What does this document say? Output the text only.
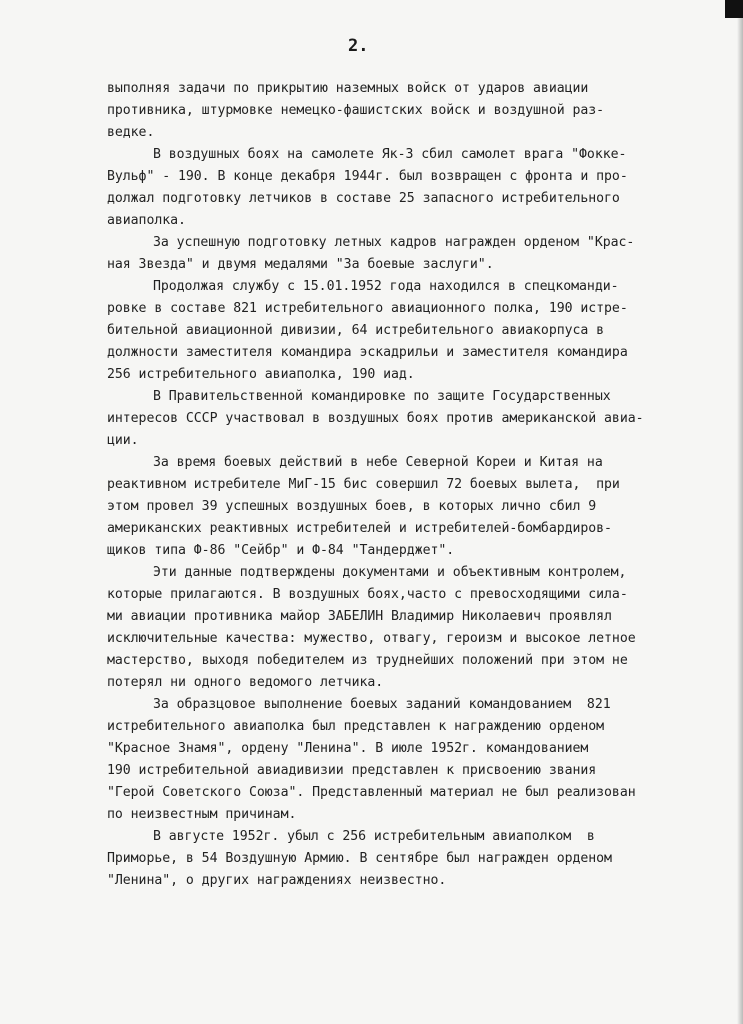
2.
выполняя задачи по прикрытию наземных войск от ударов авиации
противника, штурмовке немецко-фашистских войск и воздушной раз-
ведке.
В воздушных боях на самолете Як-3 сбил самолет врага "Фокке-
Вульф" - 190. В конце декабря 1944г. был возвращен с фронта и про-
должал подготовку летчиков в составе 25 запасного истребительного
авиаполка.
За успешную подготовку летных кадров награжден орденом "Крас-
ная Звезда" и двумя медалями "За боевые заслуги".
Продолжая службу с 15.01.1952 года находился в спецкоманди-
ровке в составе 821 истребительного авиационного полка, 190 истре-
бительной авиационной дивизии, 64 истребительного авиакорпуса в
должности заместителя командира эскадрильи и заместителя командира
256 истребительного авиаполка, 190 иад.
В Правительственной командировке по защите Государственных
интересов СССР участвовал в воздушных боях против американской авиа-
ции.
За время боевых действий в небе Северной Кореи и Китая на
реактивном истребителе МиГ-15 бис совершил 72 боевых вылета,  при
этом провел 39 успешных воздушных боев, в которых лично сбил 9
американских реактивных истребителей и истребителей-бомбардиров-
щиков типа Ф-86 "Сейбр" и Ф-84 "Тандерджет".
Эти данные подтверждены документами и объективным контролем,
которые прилагаются. В воздушных боях,часто с превосходящими сила-
ми авиации противника майор ЗАБЕЛИН Владимир Николаевич проявлял
исключительные качества: мужество, отвагу, героизм и высокое летное
мастерство, выходя победителем из труднейших положений при этом не
потерял ни одного ведомого летчика.
За образцовое выполнение боевых заданий командованием  821
истребительного авиаполка был представлен к награждению орденом
"Красное Знамя", ордену "Ленина". В июле 1952г. командованием
190 истребительной авиадивизии представлен к присвоению звания
"Герой Советского Союза". Представленный материал не был реализован
по неизвестным причинам.
В августе 1952г. убыл с 256 истребительным авиаполком  в
Приморье, в 54 Воздушную Армию. В сентябре был награжден орденом
"Ленина", о других награждениях неизвестно.
